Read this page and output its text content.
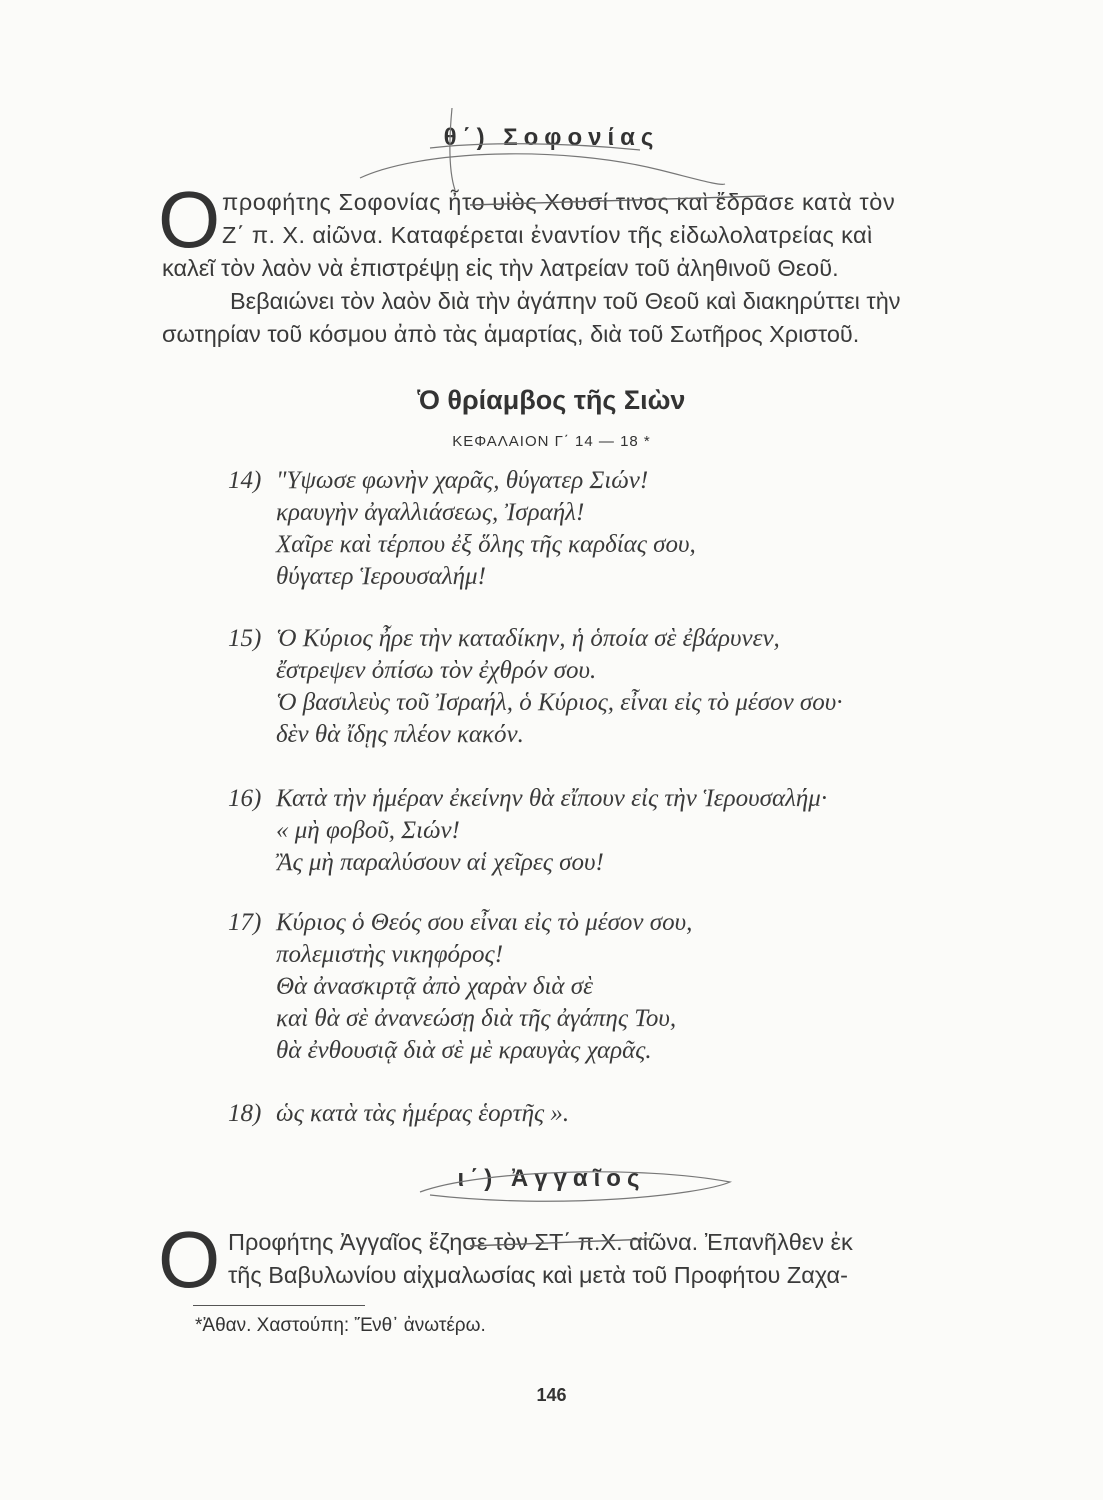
θ΄) Σοφονίας
Ο προφήτης Σοφονίας ἦτο υἱὸς Χουσί τινος καὶ ἔδρασε κατὰ τὸν
Ζ΄ π. Χ. αἰῶνα. Καταφέρεται ἐναντίον τῆς εἰδωλολατρείας καὶ
καλεῖ τὸν λαὸν νὰ ἐπιστρέψῃ εἰς τὴν λατρείαν τοῦ ἀληθινοῦ Θεοῦ.
Βεβαιώνει τὸν λαὸν διὰ τὴν ἀγάπην τοῦ Θεοῦ καὶ διακηρύττει τὴν
σωτηρίαν τοῦ κόσμου ἀπὸ τὰς ἁμαρτίας, διὰ τοῦ Σωτῆρος Χριστοῦ.
Ὁ θρίαμβος τῆς Σιὼν
ΚΕΦΑΛΑΙΟΝ Γ΄ 14 — 18 *
14) "Υψωσε φωνὴν χαρᾶς, θύγατερ Σιών!
κραυγὴν ἀγαλλιάσεως, Ἰσραήλ!
Χαῖρε καὶ τέρπου ἐξ ὅλης τῆς καρδίας σου,
θύγατερ Ἱερουσαλήμ!
15) Ὁ Κύριος ἦρε τὴν καταδίκην, ἡ ὁποία σὲ ἐβάρυνεν,
ἔστρεψεν ὀπίσω τὸν ἐχθρόν σου.
Ὁ βασιλεὺς τοῦ Ἰσραήλ, ὁ Κύριος, εἶναι εἰς τὸ μέσον σου·
δὲν θὰ ἴδῃς πλέον κακόν.
16) Κατὰ τὴν ἡμέραν ἐκείνην θὰ εἴπουν εἰς τὴν Ἱερουσαλήμ·
« μὴ φοβοῦ, Σιών!
Ἂς μὴ παραλύσουν αἱ χεῖρες σου!
17) Κύριος ὁ Θεός σου εἶναι εἰς τὸ μέσον σου,
πολεμιστὴς νικηφόρος!
Θὰ ἀνασκιρτᾷ ἀπὸ χαρὰν διὰ σὲ
καὶ θὰ σὲ ἀνανεώσῃ διὰ τῆς ἀγάπης Του,
θὰ ἐνθουσιᾷ διὰ σὲ μὲ κραυγὰς χαρᾶς.
18) ὡς κατὰ τὰς ἡμέρας ἑορτῆς ».
ι΄) Ἀγγαῖος
Ο Προφήτης Ἀγγαῖος ἔζησε τὸν ΣΤ΄ π.Χ. αἰῶνα. Ἐπανῆλθεν ἐκ
τῆς Βαβυλωνίου αἰχμαλωσίας καὶ μετὰ τοῦ Προφήτου Ζαχα-
*Ἀθαν. Χαστούπη: Ἔνθ᾽ ἀνωτέρω.
146
